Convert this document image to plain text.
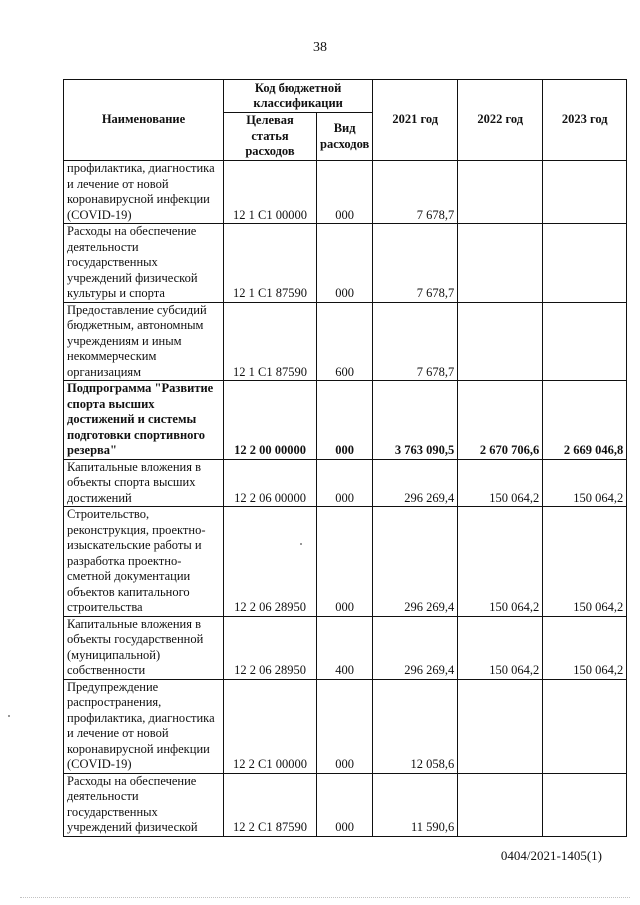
38
Наименование	Код бюджетной классификации		2021 год	2022 год	2023 год
	Целевая статья расходов	Вид расходов			
профилактика, диагностика и лечение от новой коронавирусной инфекции (COVID-19)	12 1 C1 00000	000	7 678,7		
Расходы на обеспечение деятельности государственных учреждений физической культуры и спорта	12 1 C1 87590	000	7 678,7		
Предоставление субсидий бюджетным, автономным учреждениям и иным некоммерческим организациям	12 1 C1 87590	600	7 678,7		
Подпрограмма "Развитие спорта высших достижений и системы подготовки спортивного резерва"	12 2 00 00000	000	3 763 090,5	2 670 706,6	2 669 046,8
Капитальные вложения в объекты спорта высших достижений	12 2 06 00000	000	296 269,4	150 064,2	150 064,2
Строительство, реконструкция, проектно-изыскательские работы и разработка проектно-сметной документации объектов капитального строительства	12 2 06 28950	000	296 269,4	150 064,2	150 064,2
Капитальные вложения в объекты государственной (муниципальной) собственности	12 2 06 28950	400	296 269,4	150 064,2	150 064,2
Предупреждение распространения, профилактика, диагностика и лечение от новой коронавирусной инфекции (COVID-19)	12 2 C1 00000	000	12 058,6		
Расходы на обеспечение деятельности государственных учреждений физической	12 2 C1 87590	000	11 590,6		
0404/2021-1405(1)
